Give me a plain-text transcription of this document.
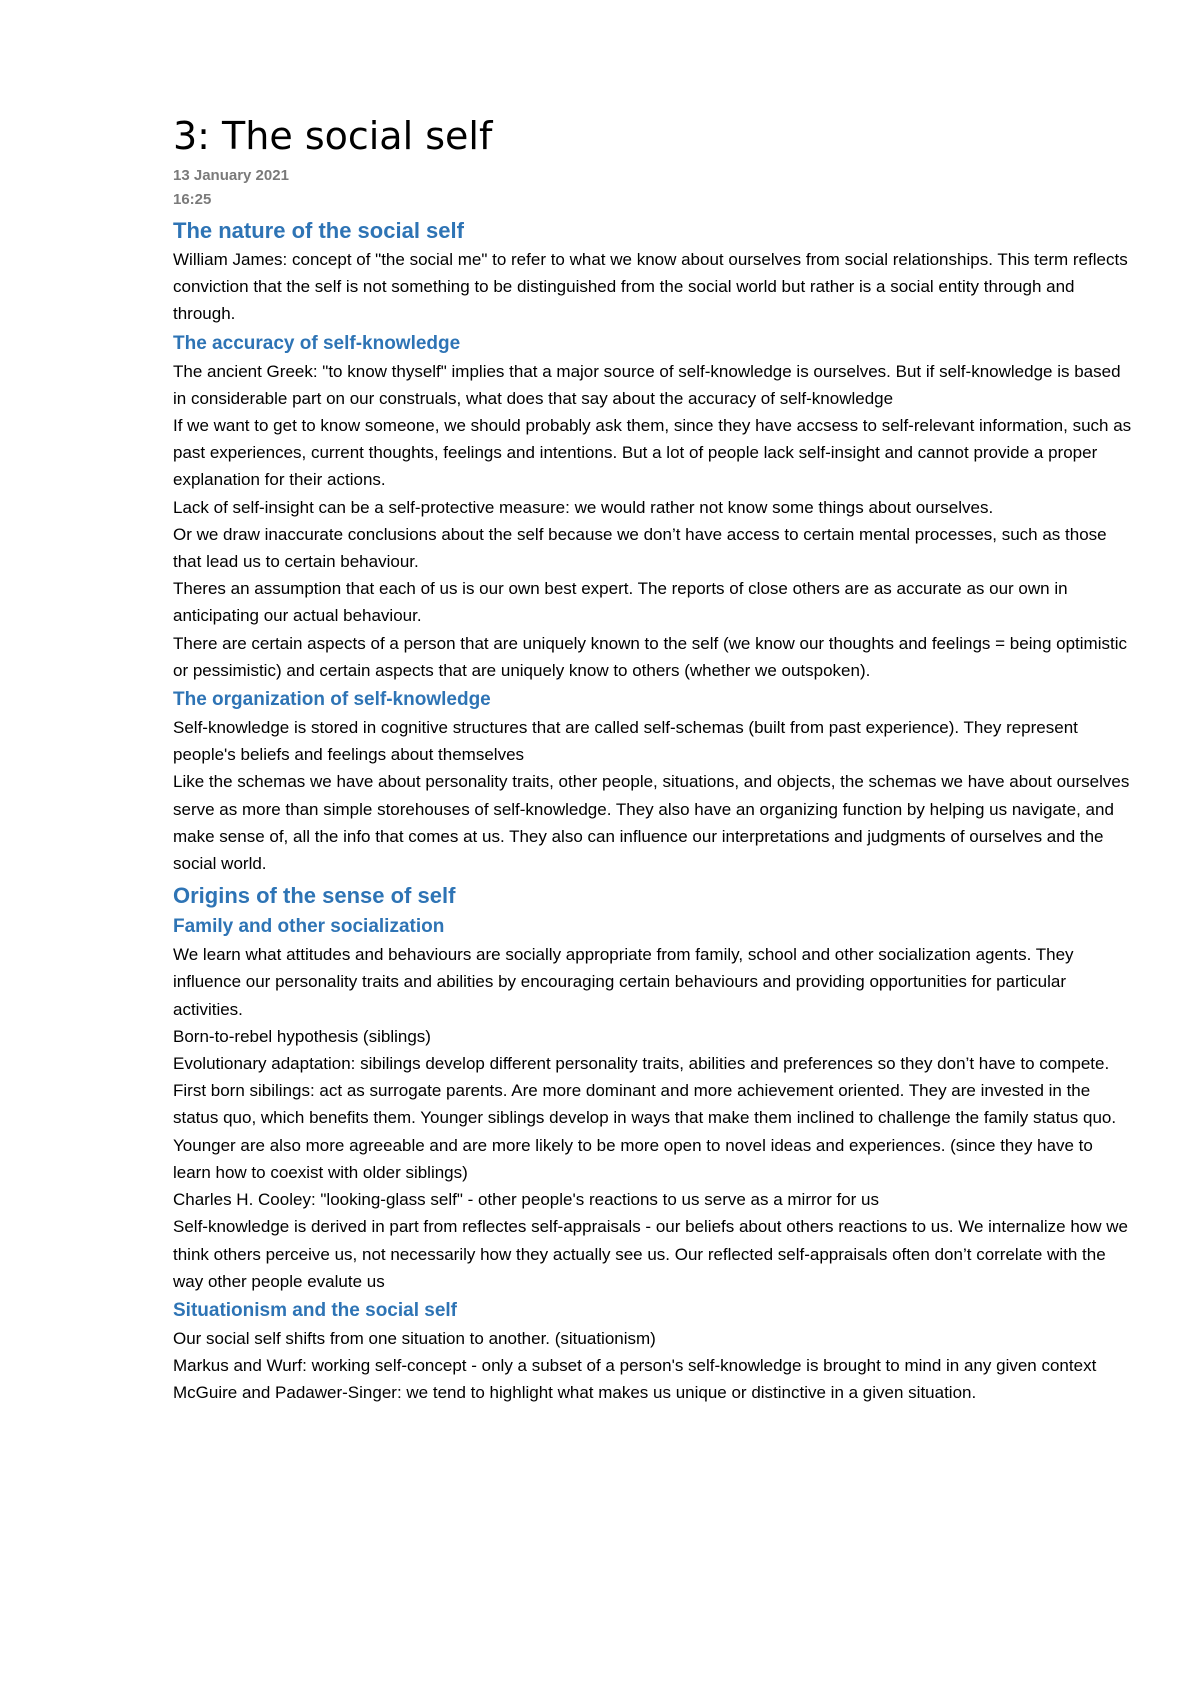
3: The social self
13 January 2021
16:25
The nature of the social self
William James: concept of "the social me" to refer to what we know about ourselves from social relationships. This term reflects conviction that the self is not something to be distinguished from the social world but rather is a social entity through and through.
The accuracy of self-knowledge
The ancient Greek: "to know thyself" implies that a major source of self-knowledge is ourselves. But if self-knowledge is based in considerable part on our construals, what does that say about the accuracy of self-knowledge
If we want to get to know someone, we should probably ask them, since they have accsess to self-relevant information, such as past experiences, current thoughts, feelings and intentions. But a lot of people lack self-insight and cannot provide a proper explanation for their actions.
Lack of self-insight can be a self-protective measure: we would rather not know some things about ourselves.
Or we draw inaccurate conclusions about the self because we don’t have access to certain mental processes, such as those that lead us to certain behaviour.
Theres an assumption that each of us is our own best expert. The reports of close others are as accurate as our own in anticipating our actual behaviour.
There are certain aspects of a person that are uniquely known to the self (we know our thoughts and feelings = being optimistic or pessimistic) and certain aspects that are uniquely know to others (whether we outspoken).
The organization of self-knowledge
Self-knowledge is stored in cognitive structures that are called self-schemas (built from past experience). They represent people's beliefs and feelings about themselves
Like the schemas we have about personality traits, other people, situations, and objects, the schemas we have about ourselves serve as more than simple storehouses of self-knowledge. They also have an organizing function by helping us navigate, and make sense of, all the info that comes at us. They also can influence our interpretations and judgments of ourselves and the social world.
Origins of the sense of self
Family and other socialization
We learn what attitudes and behaviours are socially appropriate from family, school and other socialization agents. They influence our personality traits and abilities by encouraging certain behaviours and providing opportunities for particular activities.
Born-to-rebel hypothesis (siblings)
Evolutionary adaptation: sibilings develop different personality traits, abilities and preferences so they don’t have to compete.
First born sibilings: act as surrogate parents. Are more dominant and more achievement oriented. They are invested in the status quo, which benefits them. Younger siblings develop in ways that make them inclined to challenge the family status quo. Younger are also more agreeable and are more likely to be more open to novel ideas and experiences. (since they have to learn how to coexist with older siblings)
Charles H. Cooley: "looking-glass self" - other people's reactions to us serve as a mirror for us
Self-knowledge is derived in part from reflectes self-appraisals - our beliefs about others reactions to us. We internalize how we think others perceive us, not necessarily how they actually see us. Our reflected self-appraisals often don’t correlate with the way other people evalute us
Situationism and the social self
Our social self shifts from one situation to another. (situationism)
Markus and Wurf: working self-concept - only a subset of a person's self-knowledge is brought to mind in any given context
McGuire and Padawer-Singer: we tend to highlight what makes us unique or distinctive in a given situation.
